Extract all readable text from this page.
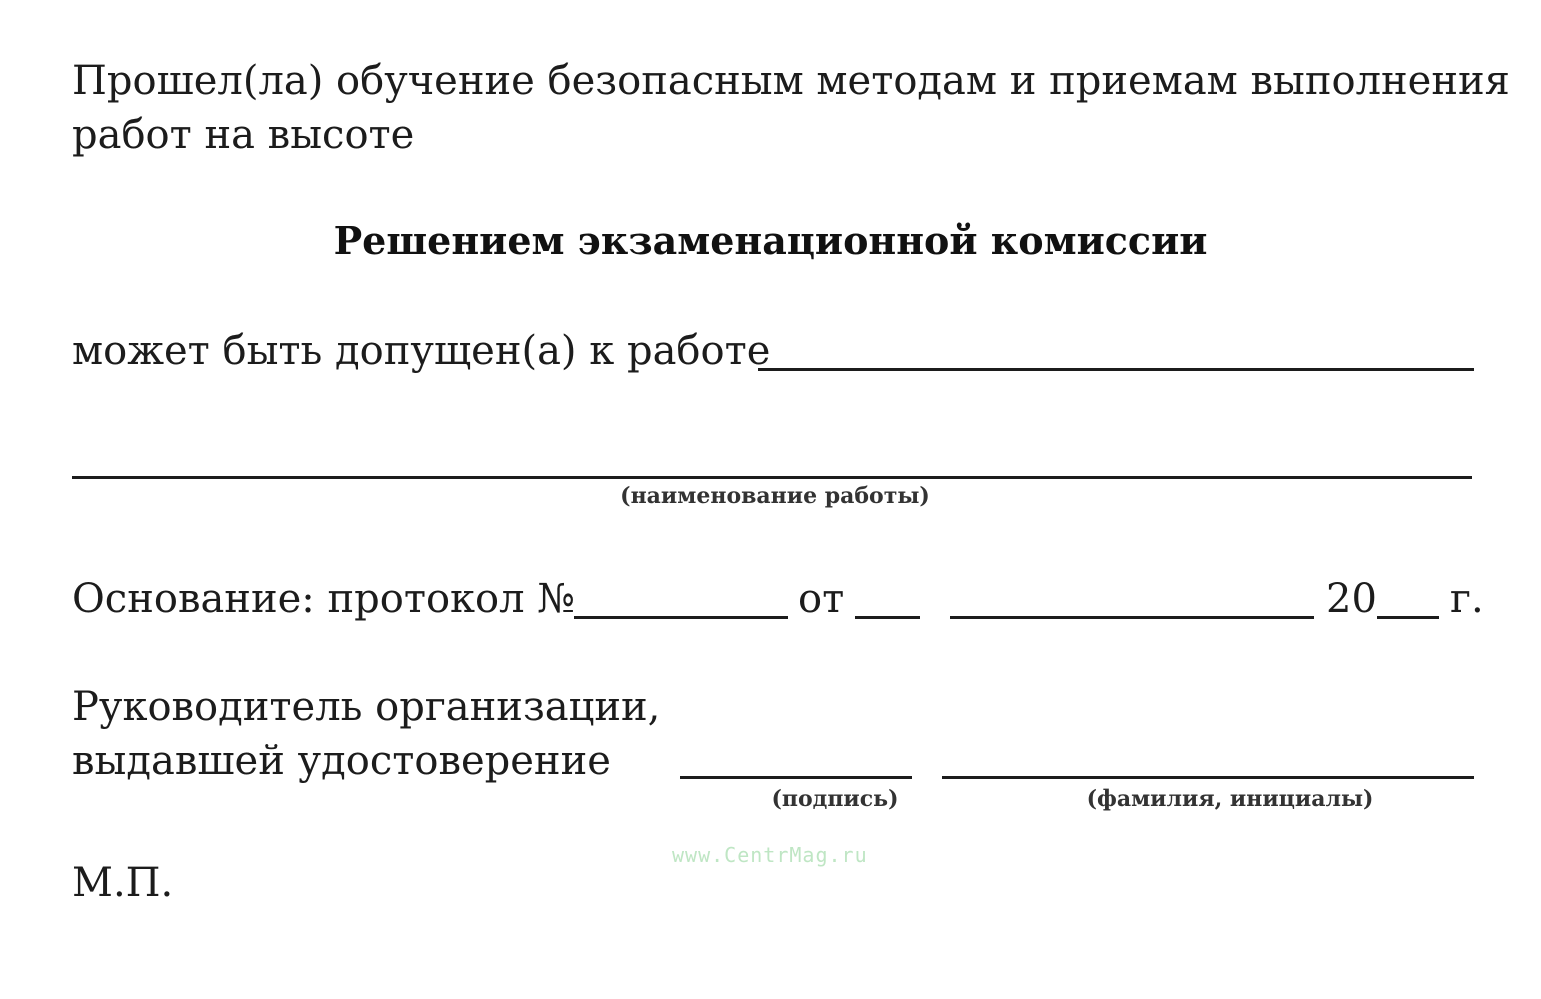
Прошел(ла) обучение безопасным методам и приемам выполнения
работ на высоте
Решением экзаменационной комиссии
может быть допущен(а) к работе
(наименование работы)
Основание: протокол №	от	20 г.
Руководитель организации,
выдавшей удостоверение
(подпись)	(фамилия, инициалы)
www.CentrMag.ru
М.П.
